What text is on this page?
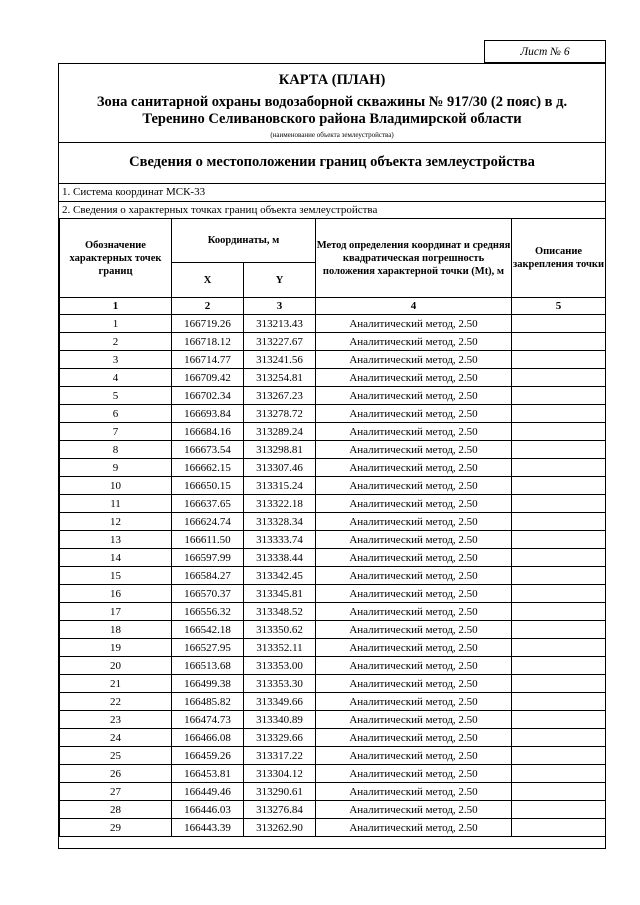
Лист № 6
КАРТА (ПЛАН)
Зона санитарной охраны водозаборной скважины № 917/30 (2 пояс) в д.
Теренино Селивановского района Владимирской области
(наименование объекта землеустройства)
Сведения о местоположении границ объекта землеустройства
1. Система координат МСК-33
2. Сведения о характерных точках границ объекта землеустройства
Обозначение характерных точек границ	Координаты, м		Метод определения координат и средняя квадратическая погрешность положения характерной точки (Mt), м	Описание закрепления точки
	X	Y		
1	2	3	4	5
1	166719.26	313213.43	Аналитический метод, 2.50	
2	166718.12	313227.67	Аналитический метод, 2.50	
3	166714.77	313241.56	Аналитический метод, 2.50	
4	166709.42	313254.81	Аналитический метод, 2.50	
5	166702.34	313267.23	Аналитический метод, 2.50	
6	166693.84	313278.72	Аналитический метод, 2.50	
7	166684.16	313289.24	Аналитический метод, 2.50	
8	166673.54	313298.81	Аналитический метод, 2.50	
9	166662.15	313307.46	Аналитический метод, 2.50	
10	166650.15	313315.24	Аналитический метод, 2.50	
11	166637.65	313322.18	Аналитический метод, 2.50	
12	166624.74	313328.34	Аналитический метод, 2.50	
13	166611.50	313333.74	Аналитический метод, 2.50	
14	166597.99	313338.44	Аналитический метод, 2.50	
15	166584.27	313342.45	Аналитический метод, 2.50	
16	166570.37	313345.81	Аналитический метод, 2.50	
17	166556.32	313348.52	Аналитический метод, 2.50	
18	166542.18	313350.62	Аналитический метод, 2.50	
19	166527.95	313352.11	Аналитический метод, 2.50	
20	166513.68	313353.00	Аналитический метод, 2.50	
21	166499.38	313353.30	Аналитический метод, 2.50	
22	166485.82	313349.66	Аналитический метод, 2.50	
23	166474.73	313340.89	Аналитический метод, 2.50	
24	166466.08	313329.66	Аналитический метод, 2.50	
25	166459.26	313317.22	Аналитический метод, 2.50	
26	166453.81	313304.12	Аналитический метод, 2.50	
27	166449.46	313290.61	Аналитический метод, 2.50	
28	166446.03	313276.84	Аналитический метод, 2.50	
29	166443.39	313262.90	Аналитический метод, 2.50	
